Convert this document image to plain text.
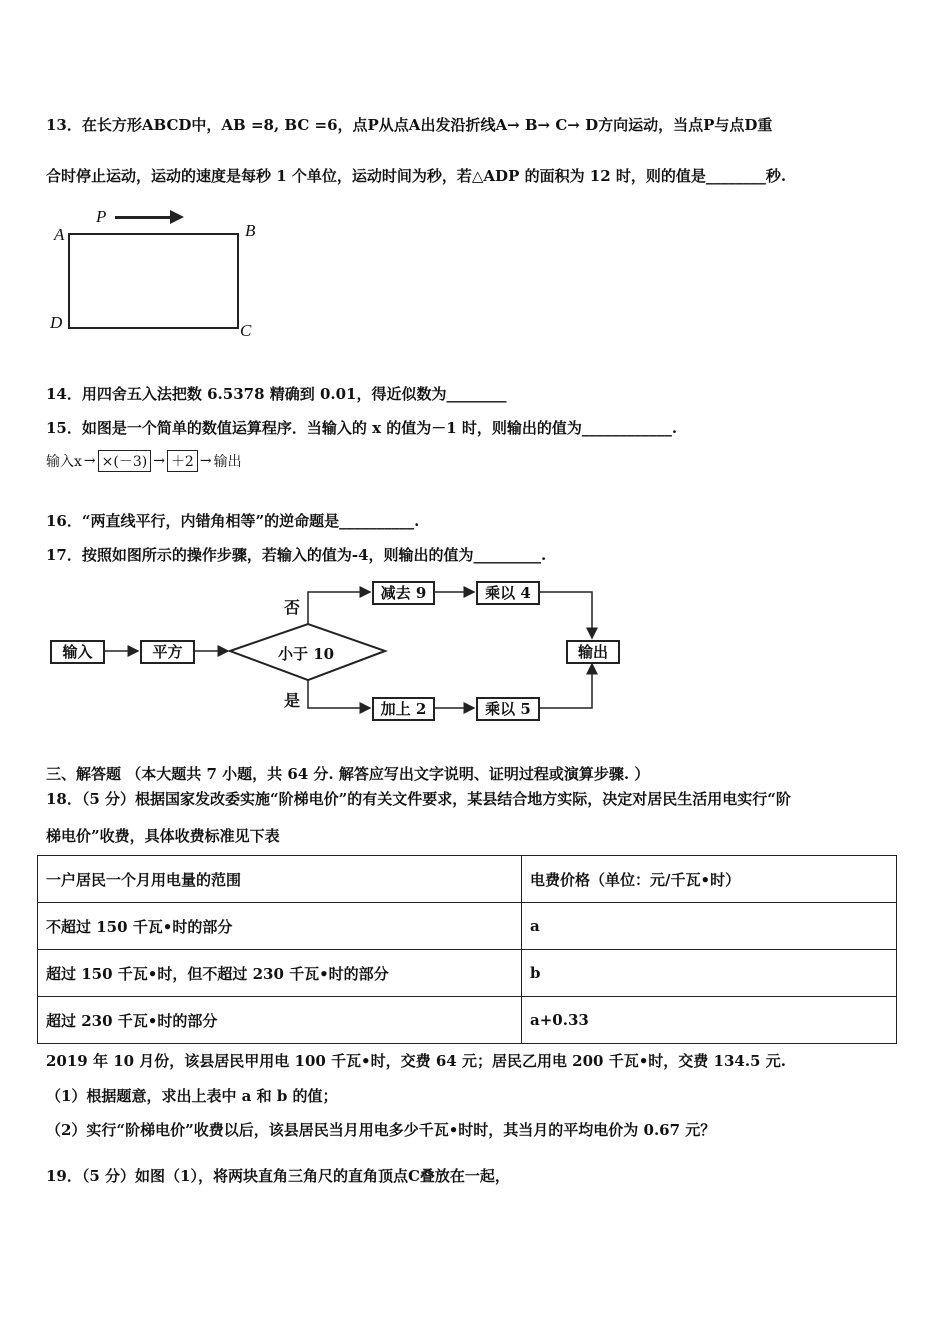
13．在长方形ABCD中，AB =8, BC =6，点P从点A出发沿折线A→ B→ C→ D方向运动，当点P与点D重
合时停止运动，运动的速度是每秒 1 个单位，运动时间为秒，若△ADP 的面积为 12 时，则的值是________秒.
A	B
C
D
P
14．用四舍五入法把数 6.5378 精确到 0.01，得近似数为________
15．如图是一个简单的数值运算程序．当输入的 x 的值为－1 时，则输出的值为____________.
输入x → ×(－3) → ＋2 → 输出
16．“两直线平行，内错角相等”的逆命题是__________.
17．按照如图所示的操作步骤，若输入的值为-4，则输出的值为_________.
输入	平方	小于 10
否
是
减去 9	乘以 4
加上 2	乘以 5
输出
三、解答题 （本大题共 7 小题，共 64 分. 解答应写出文字说明、证明过程或演算步骤. ）
18．（5 分）根据国家发改委实施“阶梯电价”的有关文件要求，某县结合地方实际，决定对居民生活用电实行“阶
梯电价”收费，具体收费标准见下表
一户居民一个月用电量的范围	电费价格（单位：元/千瓦•时）
不超过 150 千瓦•时的部分	a
超过 150 千瓦•时，但不超过 230 千瓦•时的部分	b
超过 230 千瓦•时的部分	a+0.33
2019 年 10 月份，该县居民甲用电 100 千瓦•时，交费 64 元；居民乙用电 200 千瓦•时，交费 134.5 元.
（1）根据题意，求出上表中 a 和 b 的值；
（2）实行“阶梯电价”收费以后，该县居民当月用电多少千瓦•时时，其当月的平均电价为 0.67 元？
19．（5 分）如图（1），将两块直角三角尺的直角顶点C叠放在一起，
